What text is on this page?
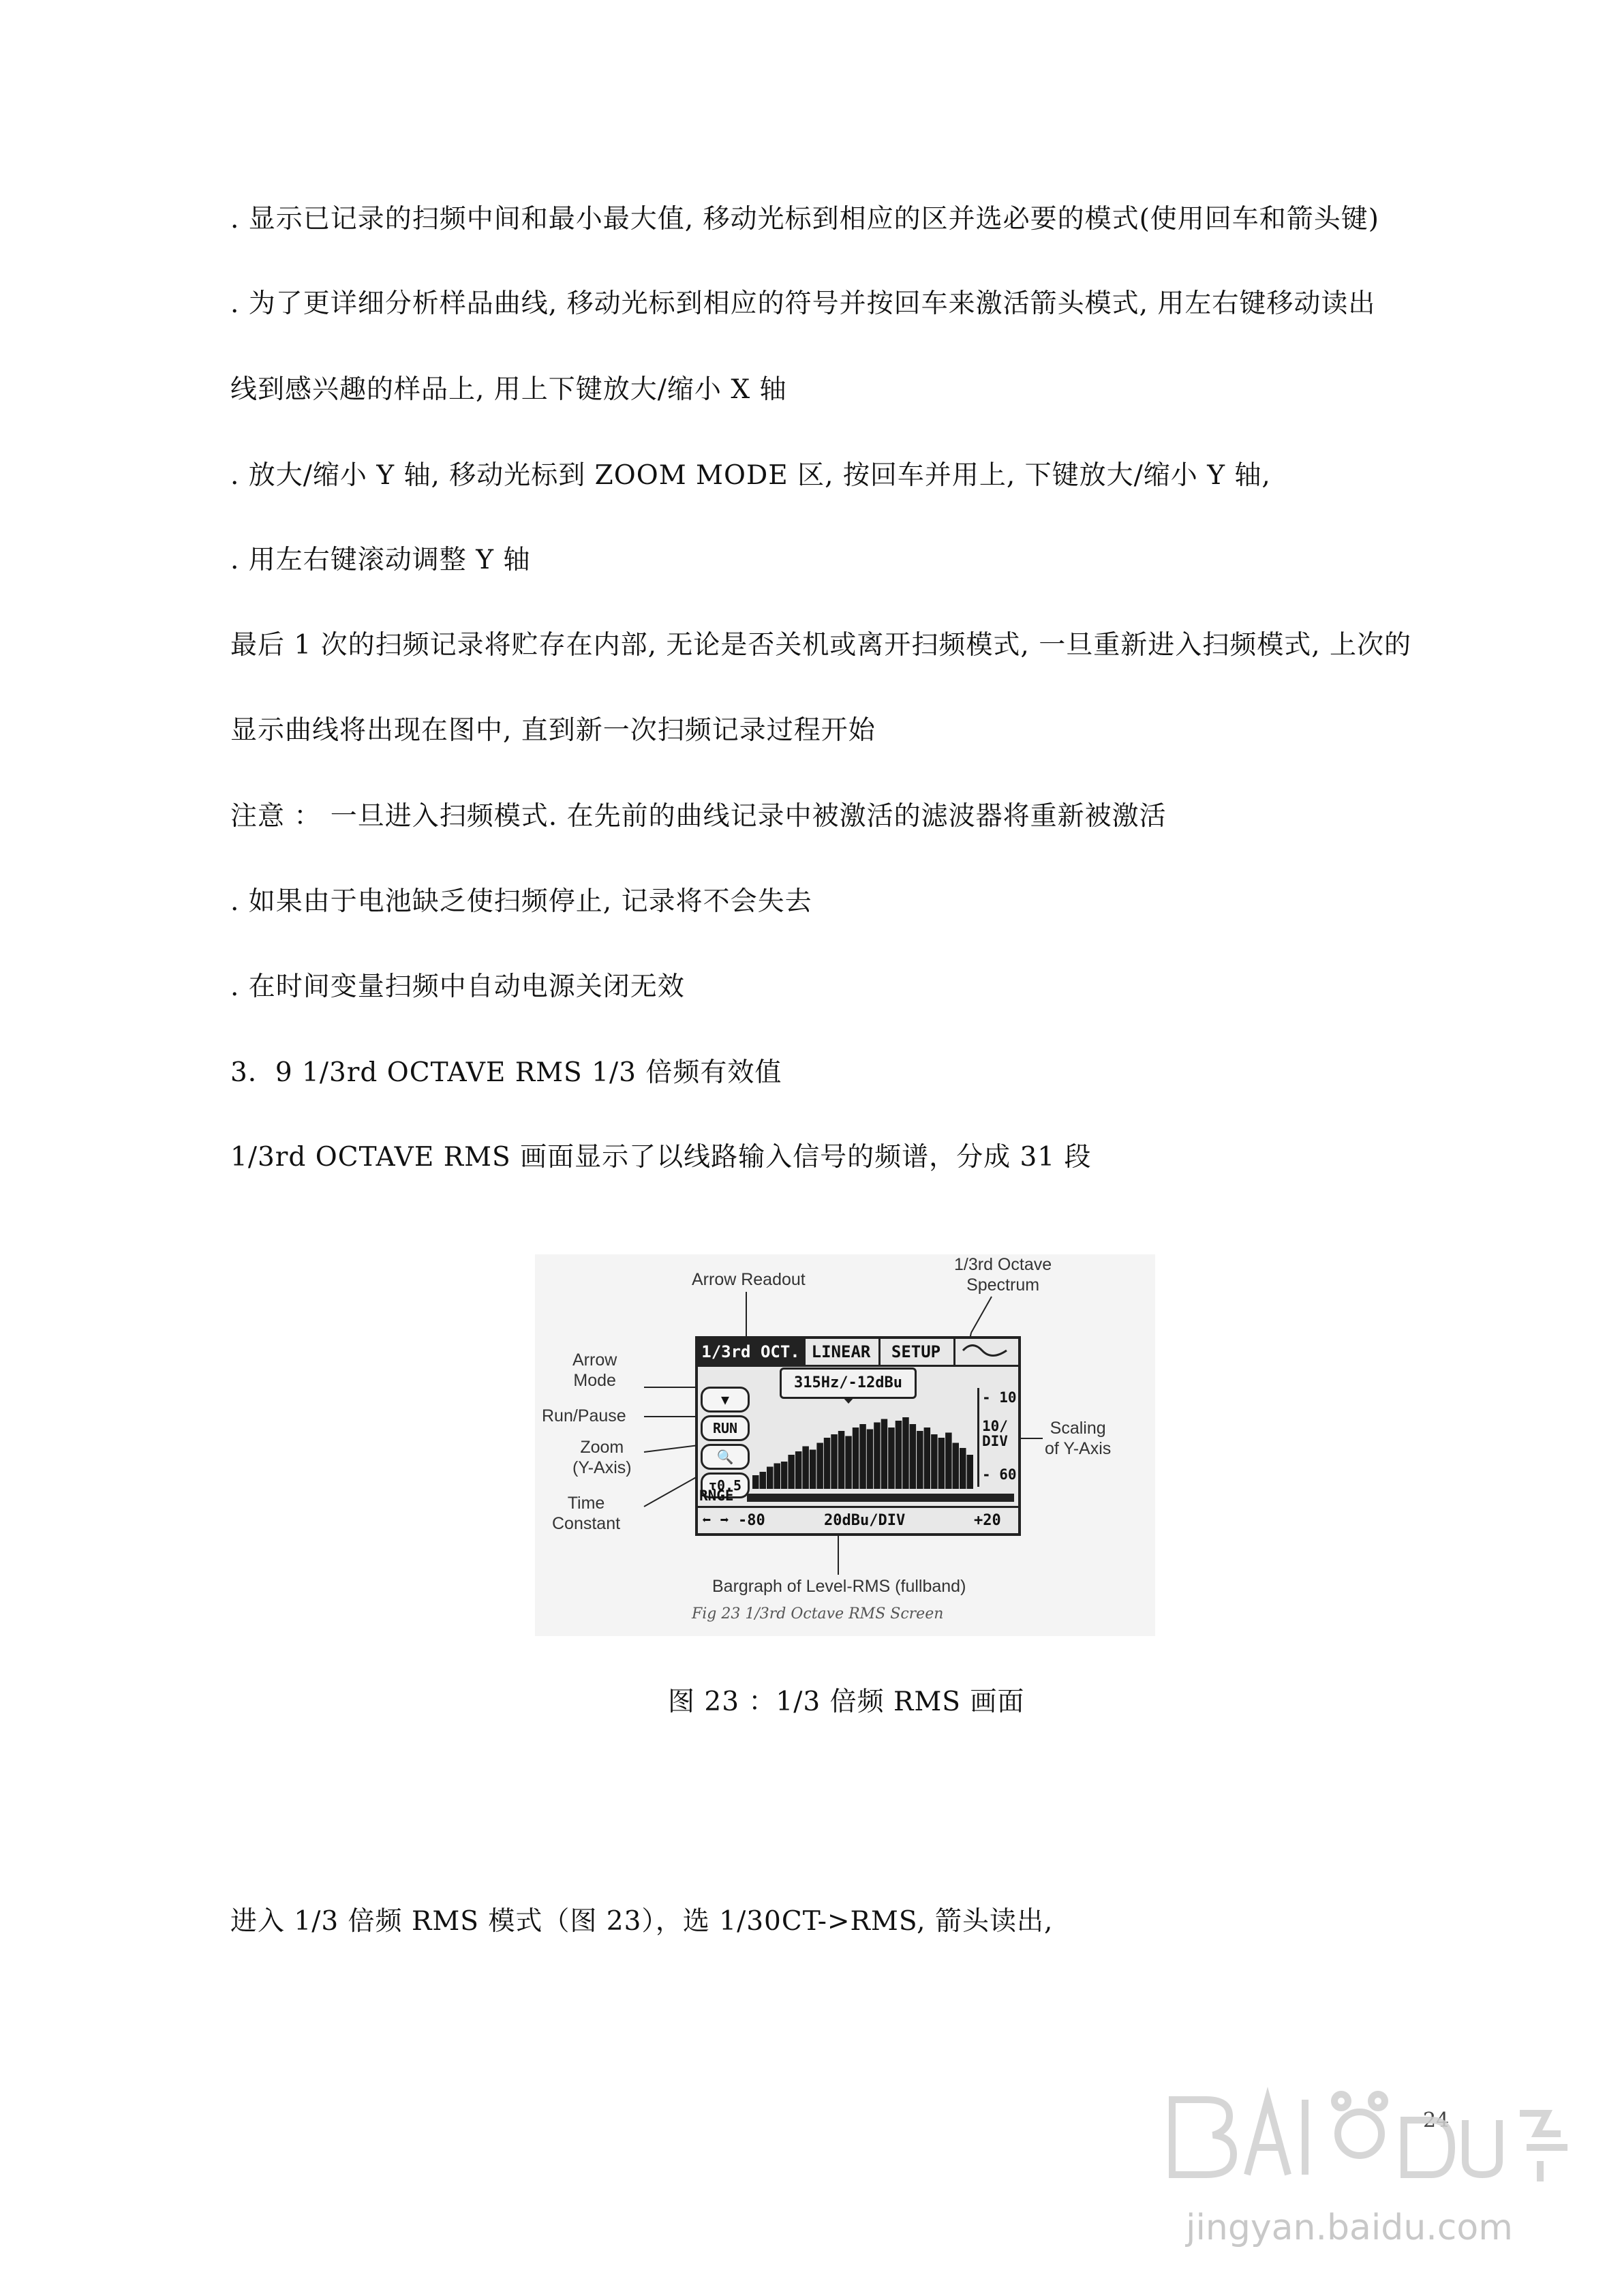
. 显示已记录的扫频中间和最小最大值, 移动光标到相应的区并选必要的模式(使用回车和箭头键)
. 为了更详细分析样品曲线, 移动光标到相应的符号并按回车来激活箭头模式, 用左右键移动读出
线到感兴趣的样品上, 用上下键放大/缩小 X 轴
. 放大/缩小 Y 轴, 移动光标到 ZOOM MODE 区, 按回车并用上, 下键放大/缩小 Y 轴,
. 用左右键滚动调整 Y 轴
最后 1 次的扫频记录将贮存在内部, 无论是否关机或离开扫频模式, 一旦重新进入扫频模式, 上次的
显示曲线将出现在图中, 直到新一次扫频记录过程开始
注意 ： 一旦进入扫频模式. 在先前的曲线记录中被激活的滤波器将重新被激活
. 如果由于电池缺乏使扫频停止, 记录将不会失去
. 在时间变量扫频中自动电源关闭无效
3．9 1/3rd OCTAVE RMS 1/3 倍频有效值
1/3rd OCTAVE RMS 画面显示了以线路输入信号的频谱，分成 31 段
Arrow Readout
1/3rd Octave
Spectrum
Arrow
Mode
Run/Pause
Zoom
(Y-Axis)
Time
Constant
Scaling
of Y-Axis
Bargraph of Level-RMS (fullband)
1/3rd OCT. LINEAR	SETUP
315Hz/-12dBu
▼
RUN
🔍
τ0.5
- 10
10/
DIV
- 60
RNGE
⬅ ➡ -80	20dBu/DIV	+20
Fig 23 1/3rd Octave RMS Screen
图 23 ：1/3 倍频 RMS 画面
进入 1/3 倍频 RMS 模式（图 23），选 1/30CT->RMS, 箭头读出,
24
jingyan.baidu.com
